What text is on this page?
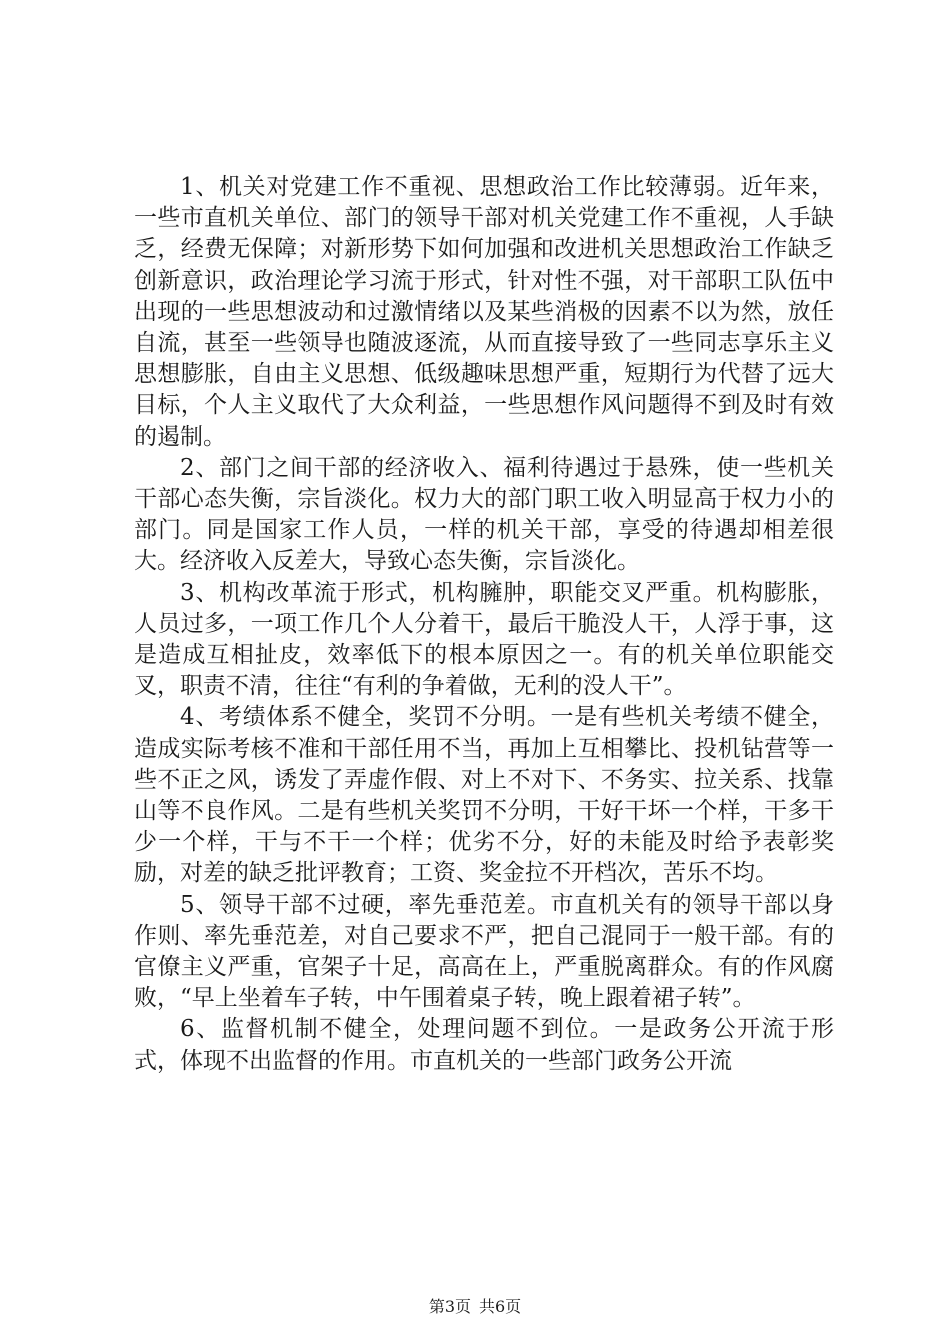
1、机关对党建工作不重视、思想政治工作比较薄弱。近年来，一些市直机关单位、部门的领导干部对机关党建工作不重视，人手缺乏，经费无保障；对新形势下如何加强和改进机关思想政治工作缺乏创新意识，政治理论学习流于形式，针对性不强，对干部职工队伍中出现的一些思想波动和过激情绪以及某些消极的因素不以为然，放任自流，甚至一些领导也随波逐流，从而直接导致了一些同志享乐主义思想膨胀，自由主义思想、低级趣味思想严重，短期行为代替了远大目标，个人主义取代了大众利益，一些思想作风问题得不到及时有效的遏制。

2、部门之间干部的经济收入、福利待遇过于悬殊，使一些机关干部心态失衡，宗旨淡化。权力大的部门职工收入明显高于权力小的部门。同是国家工作人员，一样的机关干部，享受的待遇却相差很大。经济收入反差大，导致心态失衡，宗旨淡化。

3、机构改革流于形式，机构臃肿，职能交叉严重。机构膨胀，人员过多，一项工作几个人分着干，最后干脆没人干，人浮于事，这是造成互相扯皮，效率低下的根本原因之一。有的机关单位职能交叉，职责不清，往往“有利的争着做，无利的没人干”。

4、考绩体系不健全，奖罚不分明。一是有些机关考绩不健全，造成实际考核不准和干部任用不当，再加上互相攀比、投机钻营等一些不正之风，诱发了弄虚作假、对上不对下、不务实、拉关系、找靠山等不良作风。二是有些机关奖罚不分明，干好干坏一个样，干多干少一个样，干与不干一个样；优劣不分，好的未能及时给予表彰奖励，对差的缺乏批评教育；工资、奖金拉不开档次，苦乐不均。

5、领导干部不过硬，率先垂范差。市直机关有的领导干部以身作则、率先垂范差，对自己要求不严，把自己混同于一般干部。有的官僚主义严重，官架子十足，高高在上，严重脱离群众。有的作风腐败，“早上坐着车子转，中午围着桌子转，晚上跟着裙子转”。

6、监督机制不健全，处理问题不到位。一是政务公开流于形式，体现不出监督的作用。市直机关的一些部门政务公开流

第3页 共6页
